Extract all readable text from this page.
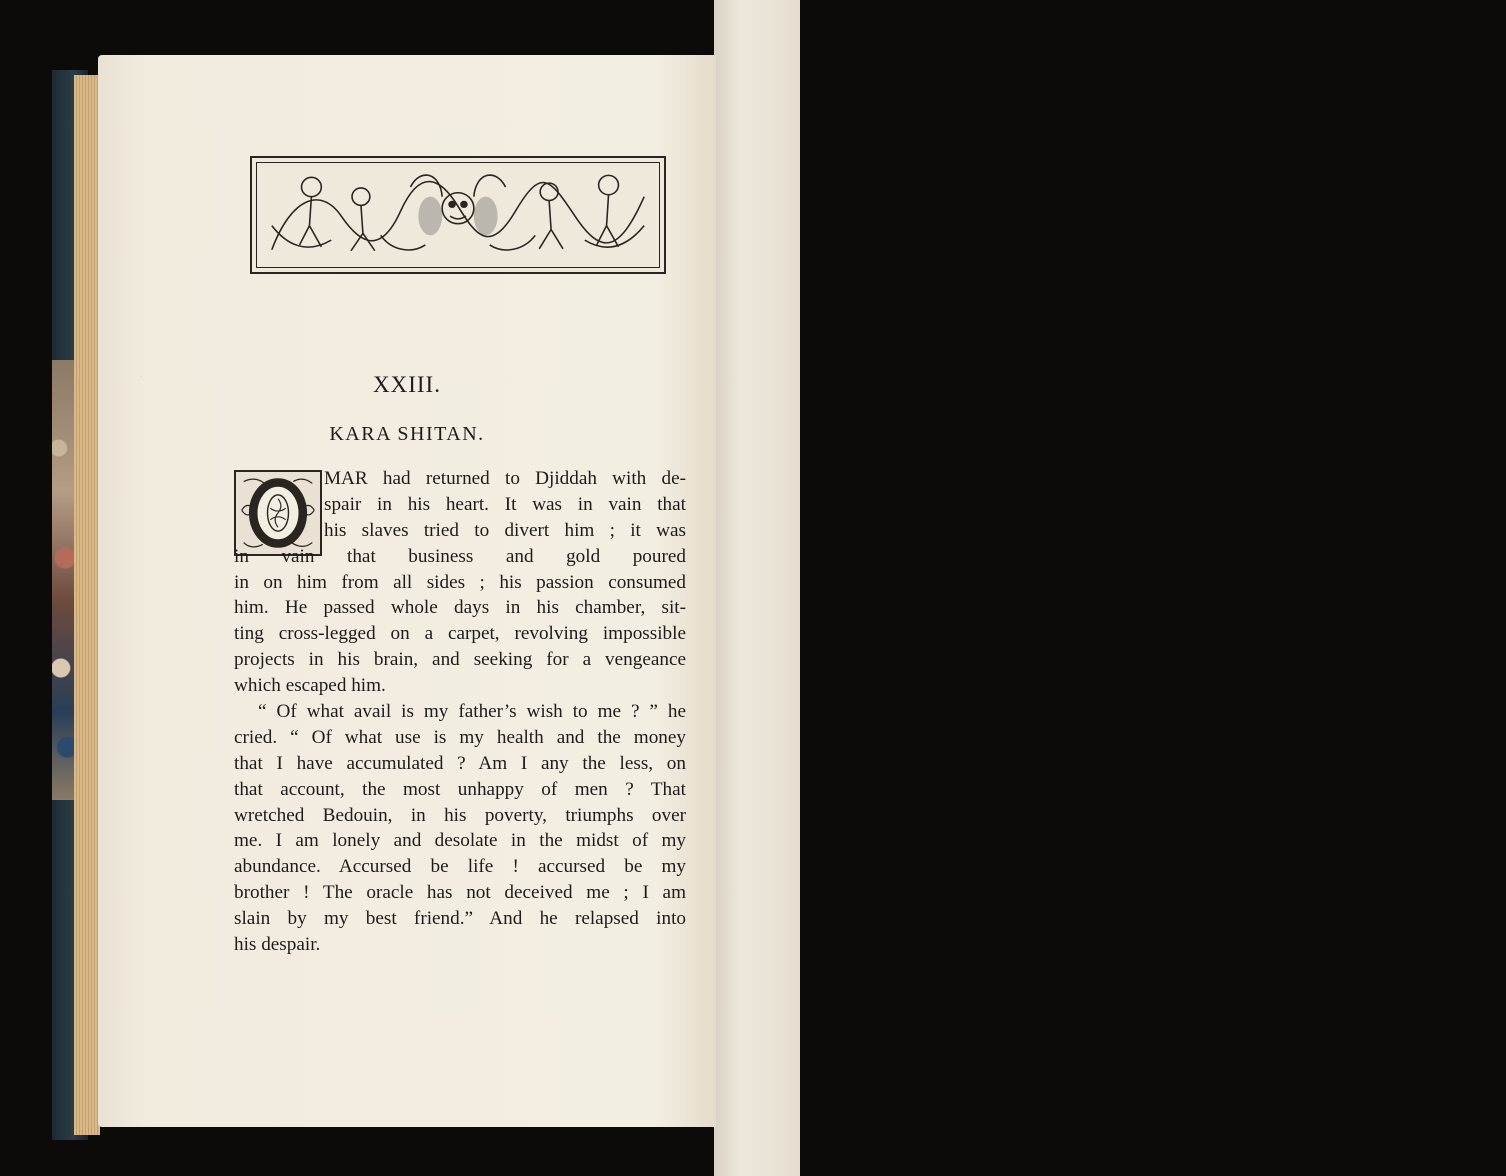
XXIII.
KARA SHITAN.
O
MAR had returned to Djiddah with de-
spair in his heart. It was in vain that
his slaves tried to divert him ; it was
in vain that business and gold poured
in on him from all sides ; his passion consumed
him. He passed whole days in his chamber, sit-
ting cross-legged on a carpet, revolving impossible
projects in his brain, and seeking for a vengeance
which escaped him.
“ Of what avail is my father’s wish to me ? ” he
cried. “ Of what use is my health and the money
that I have accumulated ? Am I any the less, on
that account, the most unhappy of men ? That
wretched Bedouin, in his poverty, triumphs over
me. I am lonely and desolate in the midst of my
abundance. Accursed be life ! accursed be my
brother ! The oracle has not deceived me ; I am
slain by my best friend.” And he relapsed into
his despair.
